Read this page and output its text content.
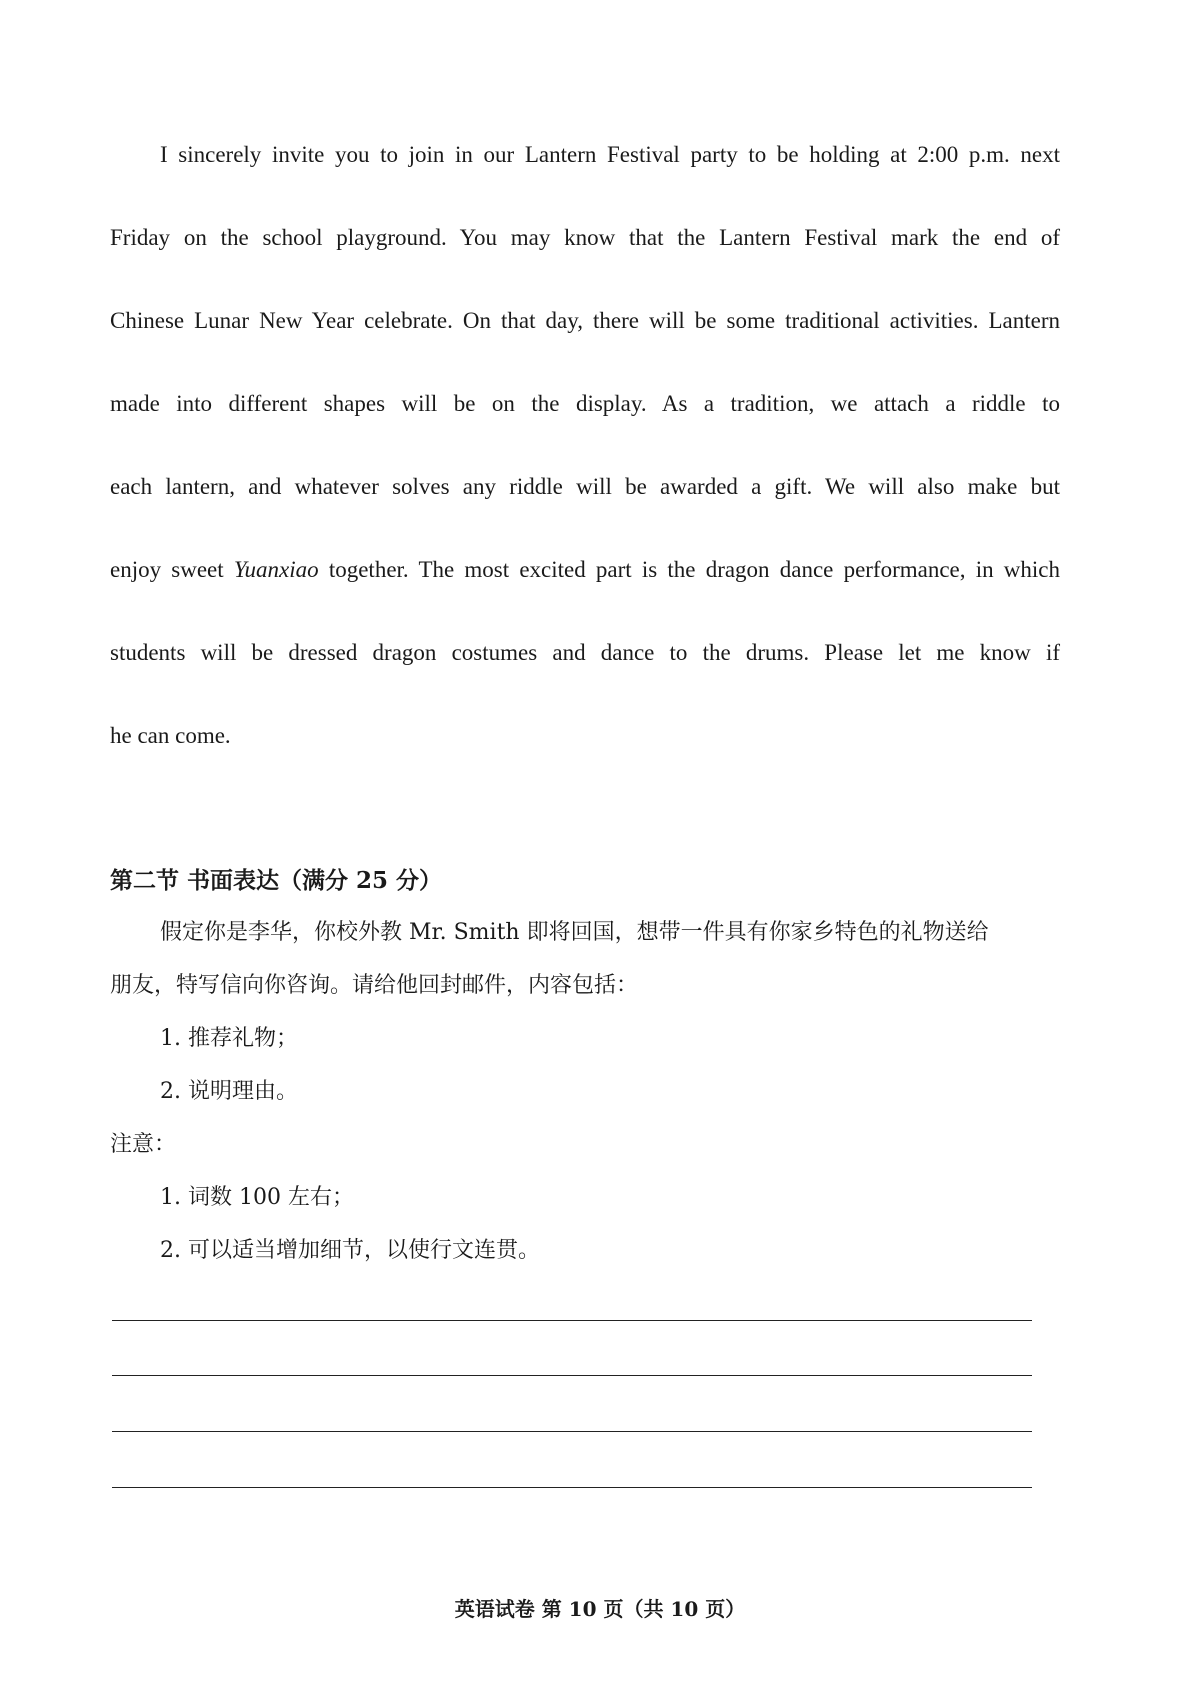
I sincerely invite you to join in our Lantern Festival party to be holding at 2:00 p.m. next
Friday on the school playground. You may know that the Lantern Festival mark the end of
Chinese Lunar New Year celebrate. On that day, there will be some traditional activities. Lantern
made into different shapes will be on the display. As a tradition, we attach a riddle to
each lantern, and whatever solves any riddle will be awarded a gift. We will also make but
enjoy sweet Yuanxiao together. The most excited part is the dragon dance performance, in which
students will be dressed dragon costumes and dance to the drums. Please let me know if
he can come.
第二节 书面表达（满分 25 分）
假定你是李华，你校外教 Mr. Smith 即将回国，想带一件具有你家乡特色的礼物送给
朋友，特写信向你咨询。请给他回封邮件，内容包括：
1. 推荐礼物；
2. 说明理由。
注意：
1. 词数 100 左右；
2. 可以适当增加细节，以使行文连贯。
英语试卷 第 10 页（共 10 页）
